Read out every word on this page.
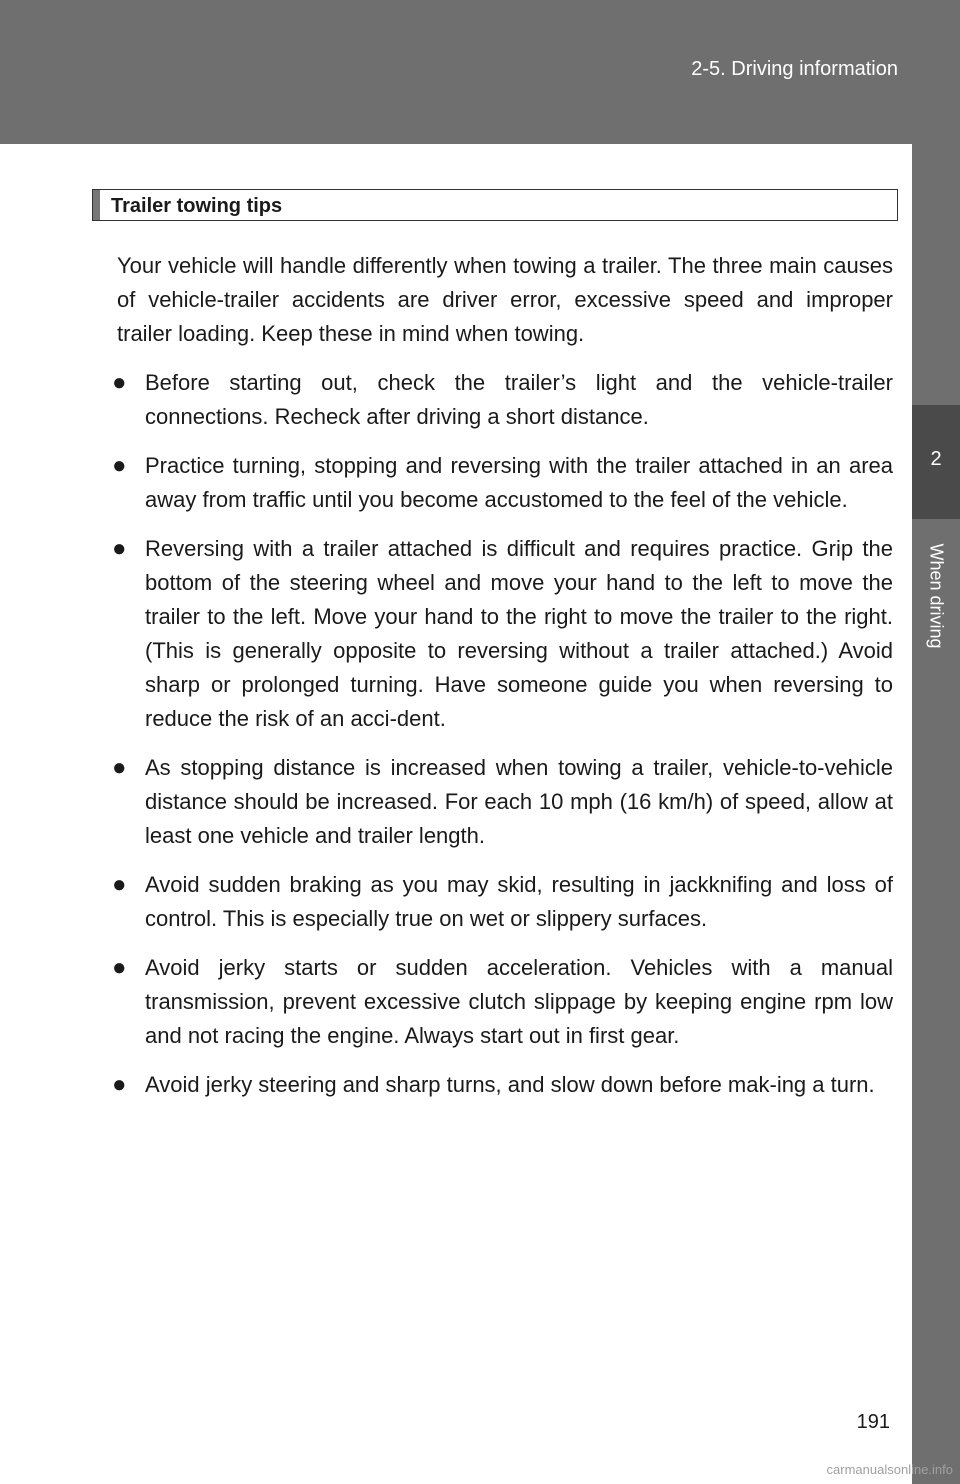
2-5. Driving information
2
When driving
Trailer towing tips

Your vehicle will handle differently when towing a trailer. The three main causes of vehicle-trailer accidents are driver error, excessive speed and improper trailer loading. Keep these in mind when towing.

● Before starting out, check the trailer’s light and the vehicle-trailer connections. Recheck after driving a short distance.
● Practice turning, stopping and reversing with the trailer attached in an area away from traffic until you become accustomed to the feel of the vehicle.
● Reversing with a trailer attached is difficult and requires practice. Grip the bottom of the steering wheel and move your hand to the left to move the trailer to the left. Move your hand to the right to move the trailer to the right. (This is generally opposite to reversing without a trailer attached.) Avoid sharp or prolonged turning. Have someone guide you when reversing to reduce the risk of an acci-dent.
● As stopping distance is increased when towing a trailer, vehicle-to-vehicle distance should be increased. For each 10 mph (16 km/h) of speed, allow at least one vehicle and trailer length.
● Avoid sudden braking as you may skid, resulting in jackknifing and loss of control. This is especially true on wet or slippery surfaces.
● Avoid jerky starts or sudden acceleration. Vehicles with a manual transmission, prevent excessive clutch slippage by keeping engine rpm low and not racing the engine. Always start out in first gear.
● Avoid jerky steering and sharp turns, and slow down before mak-ing a turn.
191
carmanualsonline.info
